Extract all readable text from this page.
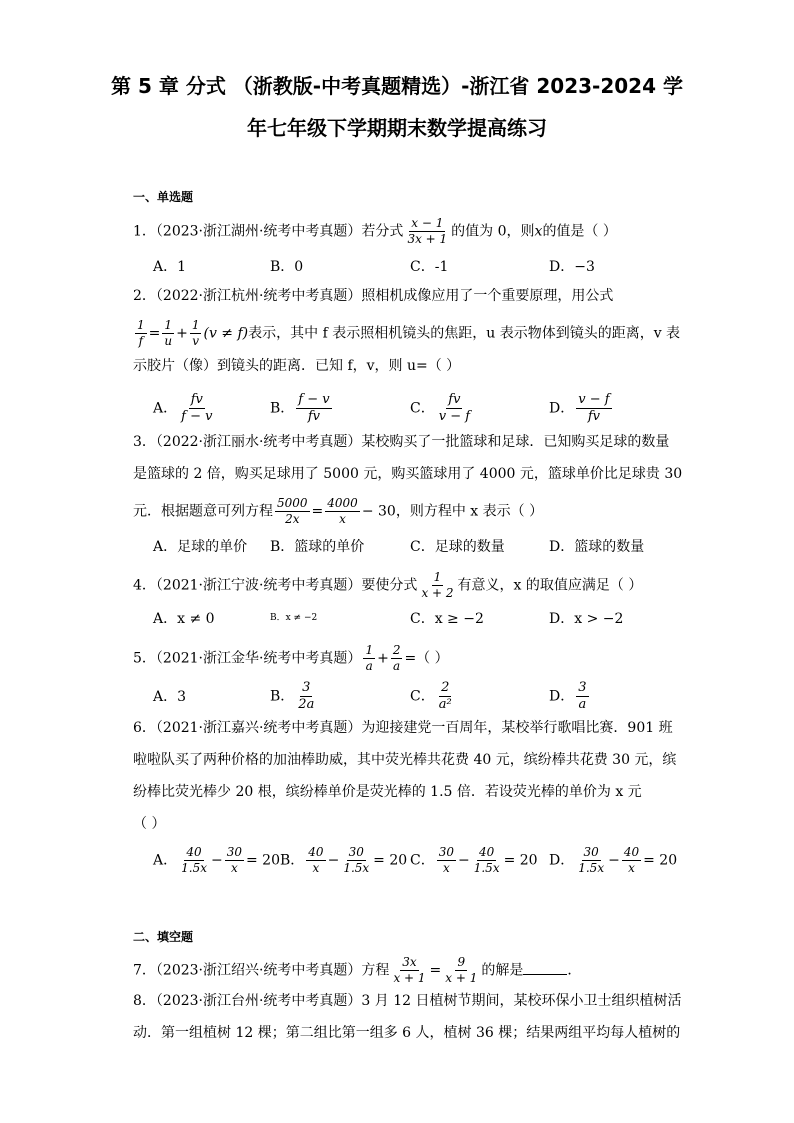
第 5 章 分式 （浙教版-中考真题精选）-浙江省 2023-2024 学
年七年级下学期期末数学提高练习
一、单选题
1．（2023·浙江湖州·统考中考真题）若分式 $\frac{x - 1}{3x + 1}$ 的值为 0，则x的值是（ ）
A．1	B．0	C．-1	D．−3
2．（2022·浙江杭州·统考中考真题）照相机成像应用了一个重要原理，用公式
$\frac{1}{f} = \frac{1}{u} + \frac{1}{v} (v \ne f)$表示，其中 f 表示照相机镜头的焦距，u 表示物体到镜头的距离，v 表
示胶片（像）到镜头的距离．已知 f，v，则 u=（ ）
A． $\frac{fv}{f - v}$	B． $\frac{f - v}{fv}$	C． $\frac{fv}{v - f}$	D． $\frac{v - f}{fv}$
3．（2022·浙江丽水·统考中考真题）某校购买了一批篮球和足球．已知购买足球的数量
是篮球的 2 倍，购买足球用了 5000 元，购买篮球用了 4000 元，篮球单价比足球贵 30
元．根据题意可列方程 $\frac{5000}{2x} = \frac{4000}{x} - 30$，则方程中 x 表示（ ）
A．足球的单价 B．篮球的单价	C．足球的数量	D．篮球的数量
4．（2021·浙江宁波·统考中考真题）要使分式 $\frac{1}{x + 2}$ 有意义，x 的取值应满足（ ）
A．x ≠ 0	B．x ≠ −2	C．x ≥ −2	D．x > −2
5．（2021·浙江金华·统考中考真题） $\frac{1}{a} + \frac{2}{a}$ =（ ）
A．3	B． $\frac{3}{2a}$	C． $\frac{2}{\text{a²}}$	D． $\frac{3}{a}$
6．（2021·浙江嘉兴·统考中考真题）为迎接建党一百周年，某校举行歌唱比赛．901 班
啦啦队买了两种价格的加油棒助威，其中荧光棒共花费 40 元，缤纷棒共花费 30 元，缤
纷棒比荧光棒少 20 根，缤纷棒单价是荧光棒的 1.5 倍．若设荧光棒的单价为 x 元
（ ）
A． $\frac{40}{1.5x} - \frac{30}{x} = 20$ B． $\frac{40}{x} - \frac{30}{1.5x} = 20$ C． $\frac{30}{x} - \frac{40}{1.5x} = 20$ D． $\frac{30}{1.5x} - \frac{40}{x} = 20$
二、填空题
7．（2023·浙江绍兴·统考中考真题）方程 $\frac{3x}{x + 1} = \frac{9}{x + 1}$ 的解是	．
8．（2023·浙江台州·统考中考真题）3 月 12 日植树节期间，某校环保小卫士组织植树活
动．第一组植树 12 棵；第二组比第一组多 6 人，植树 36 棵；结果两组平均每人植树的
